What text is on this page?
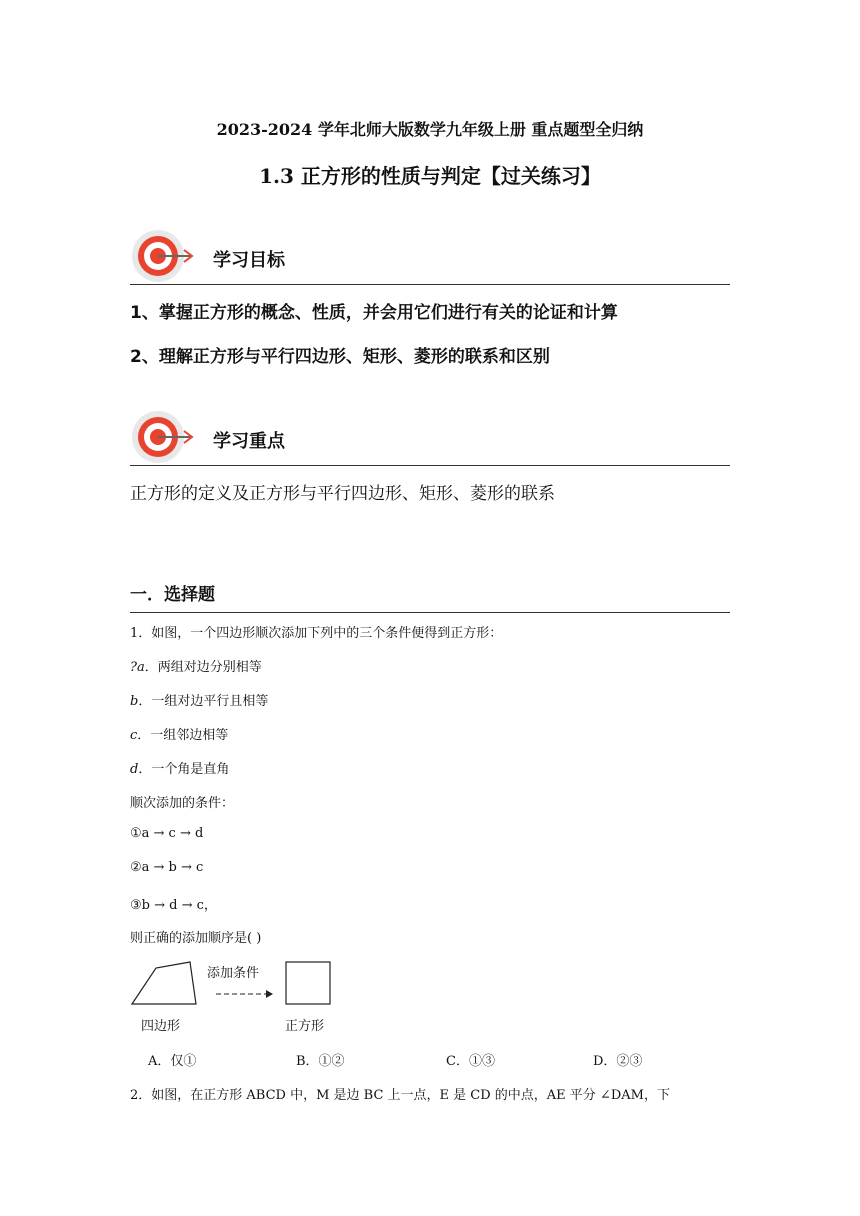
2023-2024 学年北师大版数学九年级上册 重点题型全归纳
1.3 正方形的性质与判定【过关练习】
学习目标
1、掌握正方形的概念、性质，并会用它们进行有关的论证和计算
2、理解正方形与平行四边形、矩形、菱形的联系和区别
学习重点
正方形的定义及正方形与平行四边形、矩形、菱形的联系
一．选择题
1．如图，一个四边形顺次添加下列中的三个条件便得到正方形：
?a．两组对边分别相等
b．一组对边平行且相等
c．一组邻边相等
d．一个角是直角
顺次添加的条件：
①a → c → d
②a → b → c
③b → d → c，
则正确的添加顺序是( )
添加条件
四边形	正方形
A．仅①	B．①②	C．①③	D．②③
2．如图，在正方形 ABCD 中，M 是边 BC 上一点，E 是 CD 的中点，AE 平分 ∠DAM，下
